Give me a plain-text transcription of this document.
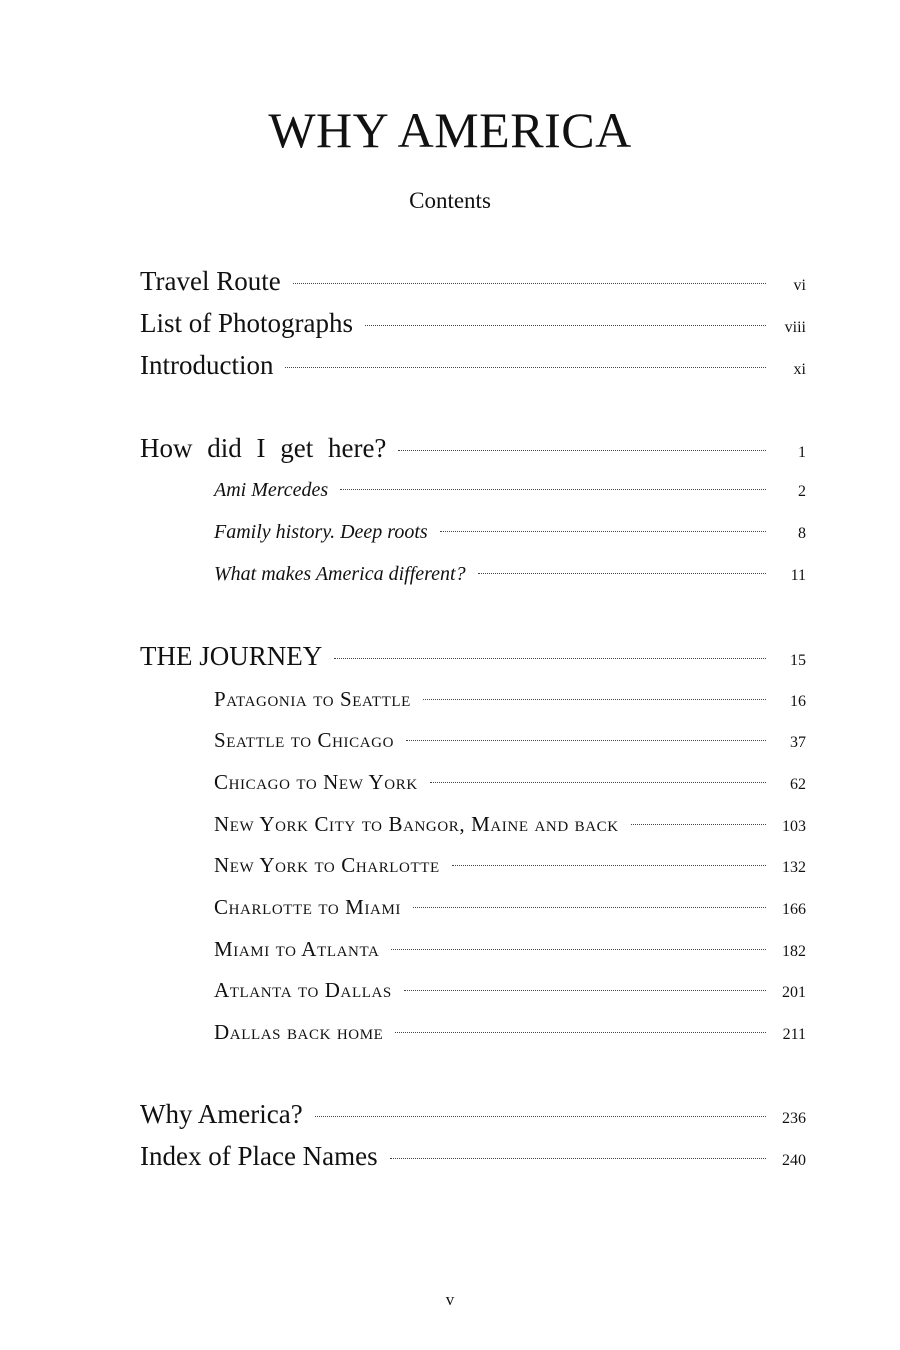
WHY AMERICA
Contents
Travel Route	vi
List of Photographs	viii
Introduction	xi
How did I get here?	1
Ami Mercedes	2
Family history. Deep roots	8
What makes America different?	11
THE JOURNEY	15
Patagonia to Seattle	16
Seattle to Chicago	37
Chicago to New York	62
New York City to Bangor, Maine and back	103
New York to Charlotte	132
Charlotte to Miami	166
Miami to Atlanta	182
Atlanta to Dallas	201
Dallas back home	211
Why America?	236
Index of Place Names	240
v
